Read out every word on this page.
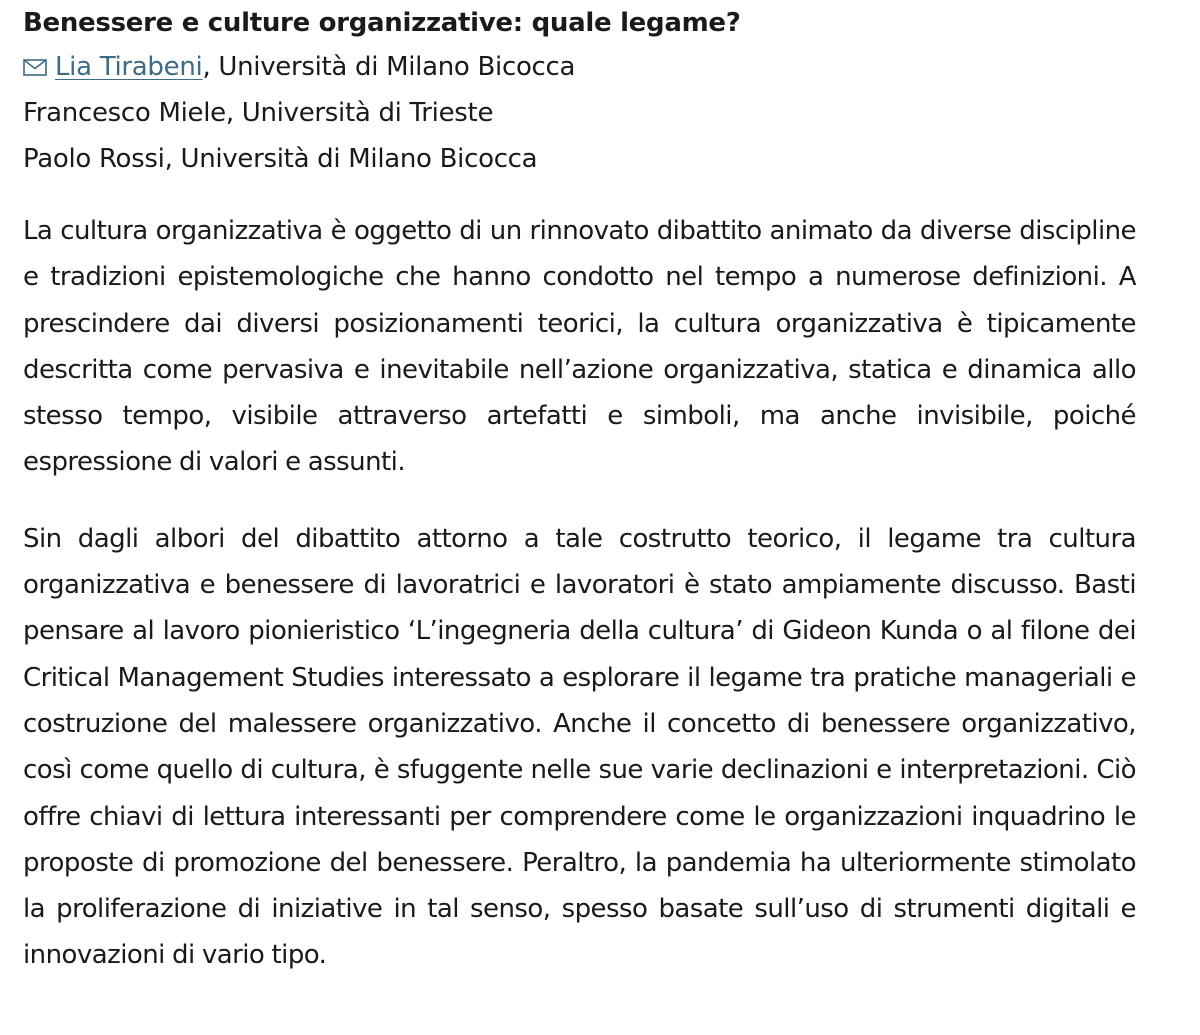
Benessere e culture organizzative: quale legame?
Lia Tirabeni, Università di Milano Bicocca
Francesco Miele, Università di Trieste
Paolo Rossi, Università di Milano Bicocca

La cultura organizzativa è oggetto di un rinnovato dibattito animato da diverse discipline e tradizioni epistemologiche che hanno condotto nel tempo a numerose definizioni. A prescindere dai diversi posizionamenti teorici, la cultura organizzativa è tipicamente descritta come pervasiva e inevitabile nell’azione organizzativa, statica e dinamica allo stesso tempo, visibile attraverso artefatti e simboli, ma anche invisibile, poiché espressione di valori e assunti.

Sin dagli albori del dibattito attorno a tale costrutto teorico, il legame tra cultura organizzativa e benessere di lavoratrici e lavoratori è stato ampiamente discusso. Basti pensare al lavoro pionieristico ‘L’ingegneria della cultura’ di Gideon Kunda o al filone dei Critical Management Studies interessato a esplorare il legame tra pratiche manageriali e costruzione del malessere organizzativo. Anche il concetto di benessere organizzativo, così come quello di cultura, è sfuggente nelle sue varie declinazioni e interpretazioni. Ciò offre chiavi di lettura interessanti per comprendere come le organizzazioni inquadrino le proposte di promozione del benessere. Peraltro, la pandemia ha ulteriormente stimolato la proliferazione di iniziative in tal senso, spesso basate sull’uso di strumenti digitali e innovazioni di vario tipo.
